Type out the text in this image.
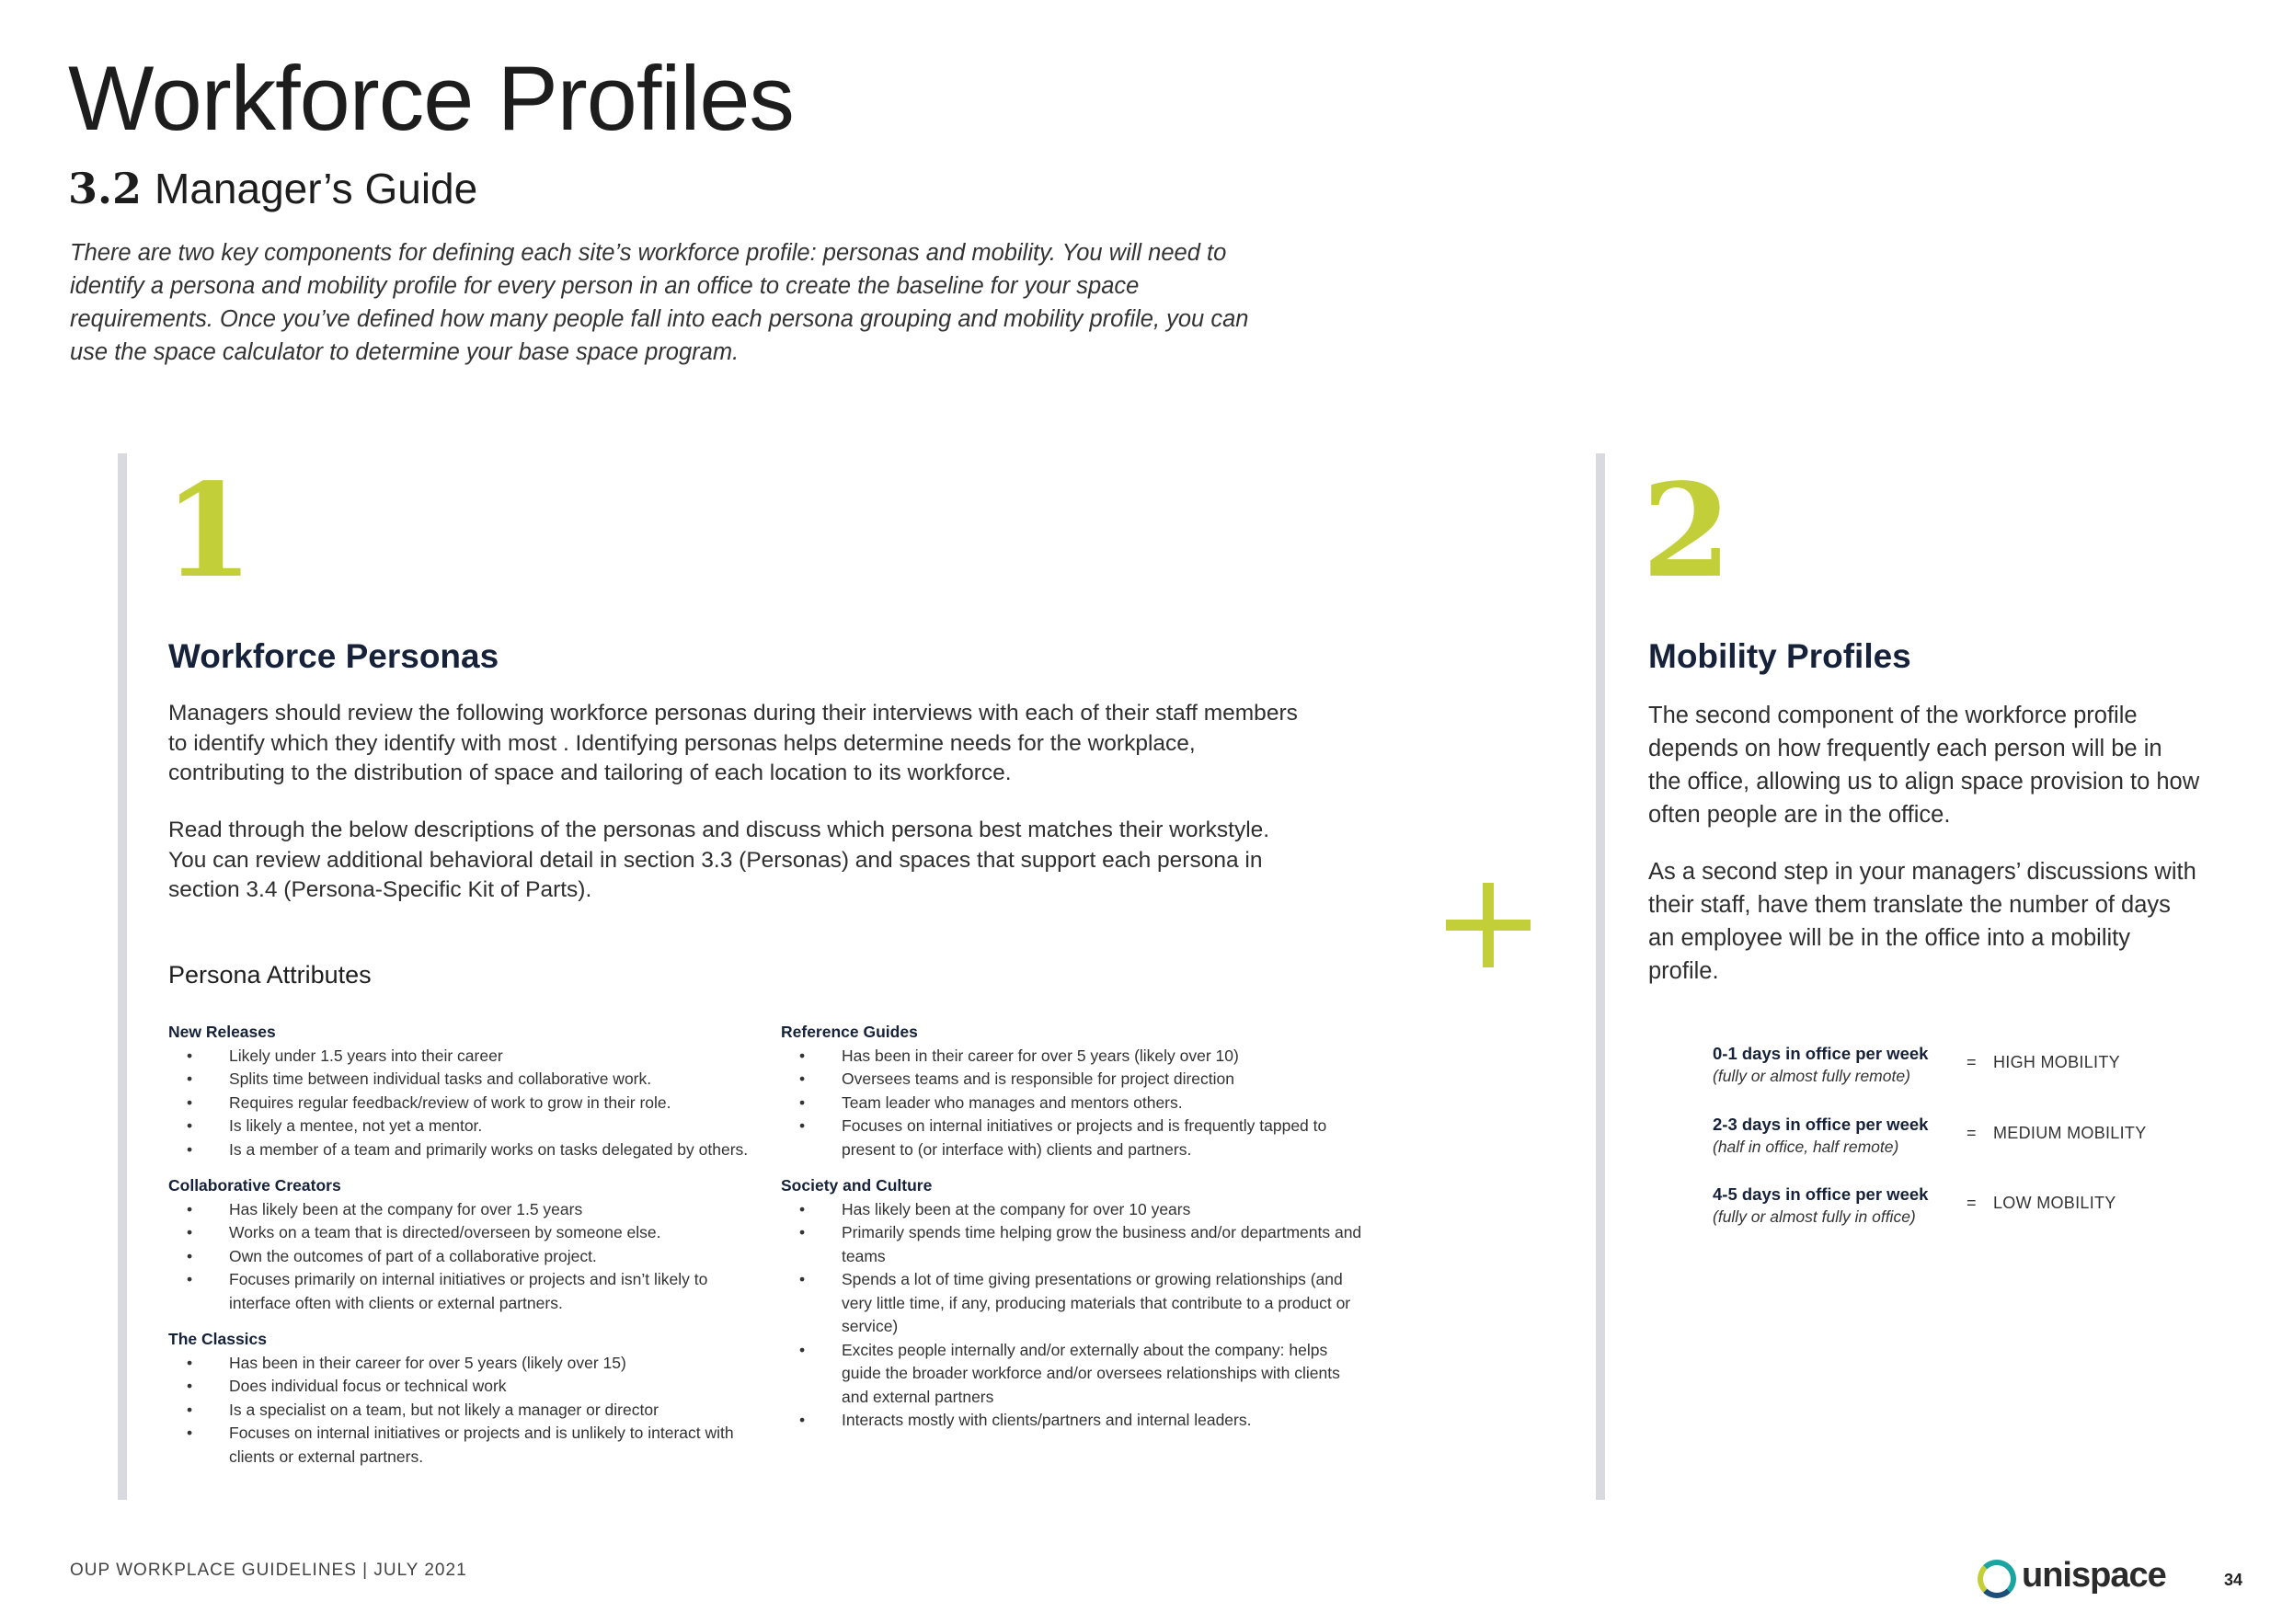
Workforce Profiles
3.2 Manager’s Guide

There are two key components for defining each site’s workforce profile: personas and mobility. You will need to identify a persona and mobility profile for every person in an office to create the baseline for your space requirements. Once you’ve defined how many people fall into each persona grouping and mobility profile, you can use the space calculator to determine your base space program.

1
Workforce Personas

Managers should review the following workforce personas during their interviews with each of their staff members to identify which they identify with most . Identifying personas helps determine needs for the workplace, contributing to the distribution of space and tailoring of each location to its workforce.

Read through the below descriptions of the personas and discuss which persona best matches their workstyle. You can review additional behavioral detail in section 3.3 (Personas) and spaces that support each persona in section 3.4 (Persona-Specific Kit of Parts).

Persona Attributes
New Releases
• Likely under 1.5 years into their career
• Splits time between individual tasks and collaborative work.
• Requires regular feedback/review of work to grow in their role.
• Is likely a mentee, not yet a mentor.
• Is a member of a team and primarily works on tasks delegated by others.
Collaborative Creators
• Has likely been at the company for over 1.5 years
• Works on a team that is directed/overseen by someone else.
• Own the outcomes of part of a collaborative project.
• Focuses primarily on internal initiatives or projects and isn’t likely to interface often with clients or external partners.
The Classics
• Has been in their career for over 5 years (likely over 15)
• Does individual focus or technical work
• Is a specialist on a team, but not likely a manager or director
• Focuses on internal initiatives or projects and is unlikely to interact with clients or external partners.
Reference Guides
• Has been in their career for over 5 years (likely over 10)
• Oversees teams and is responsible for project direction
• Team leader who manages and mentors others.
• Focuses on internal initiatives or projects and is frequently tapped to present to (or interface with) clients and partners.
Society and Culture
• Has likely been at the company for over 10 years
• Primarily spends time helping grow the business and/or departments and teams
• Spends a lot of time giving presentations or growing relationships (and very little time, if any, producing materials that contribute to a product or service)
• Excites people internally and/or externally about the company: helps guide the broader workforce and/or oversees relationships with clients and external partners
• Interacts mostly with clients/partners and internal leaders.
2
Mobility Profiles

The second component of the workforce profile depends on how frequently each person will be in the office, allowing us to align space provision to how often people are in the office.

As a second step in your managers’ discussions with their staff, have them translate the number of days an employee will be in the office into a mobility profile.

0-1 days in office per week
(fully or almost fully remote)
= HIGH MOBILITY
2-3 days in office per week
(half in office, half remote)
= MEDIUM MOBILITY
4-5 days in office per week
(fully or almost fully in office)
= LOW MOBILITY
OUP WORKPLACE GUIDELINES | JULY 2021	unispace	34
